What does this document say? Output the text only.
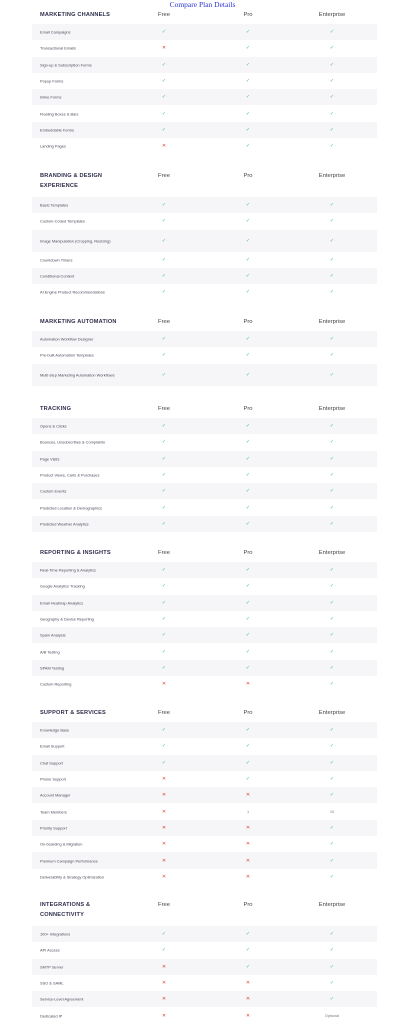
Compare Plan Details
MARKETING CHANNELS	Free	Pro	Enterprise
Email Campaigns	✓	✓	✓
Transactional Emails	✕	✓	✓
Sign-up & Subscription Forms	✓	✓	✓
Popup Forms	✓	✓	✓
Inline Forms	✓	✓	✓
Floating Boxes & Bars	✓	✓	✓
Embeddable Forms	✓	✓	✓
Landing Pages	✕	✓	✓
BRANDING & DESIGN EXPERIENCE
Free	Pro	Enterprise
Basic Templates	✓	✓	✓
Custom-Coded Templates	✓	✓	✓
Image Manipulation (Cropping, Resizing)	✓	✓	✓
Countdown Timers	✓	✓	✓
Conditional Content	✓	✓	✓
AI Engine Product Recommendations	✓	✓	✓
MARKETING AUTOMATION	Free	Pro	Enterprise
Automation Workflow Designer	✓	✓	✓
Pre-built Automation Templates	✓	✓	✓
Multi-step Marketing Automation Workflows	✓	✓	✓
TRACKING	Free	Pro	Enterprise
Opens & Clicks	✓	✓	✓
Bounces, Unsubscribes & Complaints	✓	✓	✓
Page Visits	✓	✓	✓
Product Views, Carts & Purchases	✓	✓	✓
Custom Events	✓	✓	✓
Predicted Location & Demographics	✓	✓	✓
Predicted Weather Analytics	✓	✓	✓
REPORTING & INSIGHTS	Free	Pro	Enterprise
Real-Time Reporting & Analytics	✓	✓	✓
Google Analytics Tracking	✓	✓	✓
Email Heatmap Analytics	✓	✓	✓
Geography & Device Reporting	✓	✓	✓
Spam Analysis	✓	✓	✓
A/B Testing	✓	✓	✓
SPAM Testing	✓	✓	✓
Custom Reporting	✕	✕	✓
SUPPORT & SERVICES	Free	Pro	Enterprise
Knowledge Base	✓	✓	✓
Email Support	✓	✓	✓
Chat Support	✓	✓	✓
Phone Support	✕	✓	✓
Account Manager	✕	✕	✓
Team Members	✕	1	10
Priority Support	✕	✕	✓
On-boarding & Migration	✕	✕	✓
Premium Campaign Performance	✕	✕	✓
Deliverability & Strategy Optimization	✕	✕	✓
INTEGRATIONS & CONNECTIVITY
Free	Pro	Enterprise
100+ Integrations	✓	✓	✓
API Access	✓	✓	✓
SMTP Server	✕	✓	✓
SSO & SAML	✕	✕	✓
Service-Level Agreement	✕	✕	✓
Dedicated IP	✕	✕	Optional
